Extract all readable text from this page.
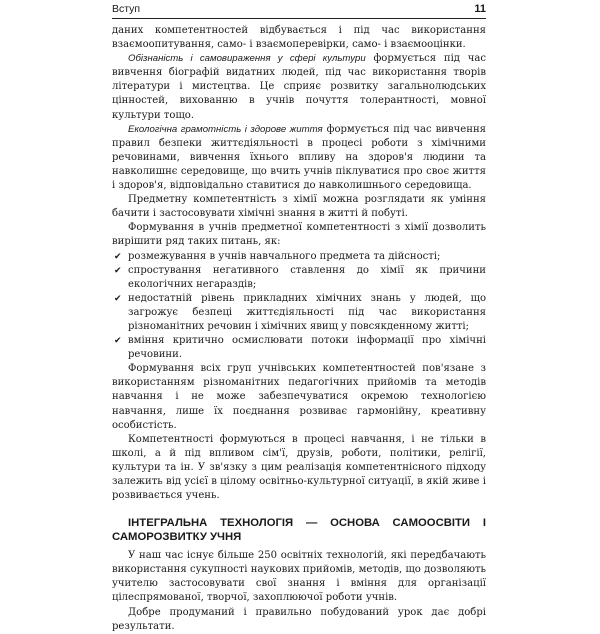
Вступ	11

даних компетентностей відбувається і під час використання взаємоопитування, само- і взаємоперевірки, само- і взаємооцінки.

Обізнаність і самовираження у сфері культури формується під час вивчення біографій видатних людей, під час використання творів літератури і мистецтва. Це сприяє розвитку загальнолюдських цінностей, вихованню в учнів почуття толерантності, мовної культури тощо.

Екологічна грамотність і здорове життя формується під час вивчення правил безпеки життєдіяльності в процесі роботи з хімічними речовинами, вивчення їхнього впливу на здоров'я людини та навколишнє середовище, що вчить учнів піклуватися про своє життя і здоров'я, відповідально ставитися до навколишнього середовища.

Предметну компетентність з хімії можна розглядати як уміння бачити і застосовувати хімічні знання в житті й побуті.

Формування в учнів предметної компетентності з хімії дозволить вирішити ряд таких питань, як:

✔ розмежування в учнів навчального предмета та дійсності;
✔ спростування негативного ставлення до хімії як причини екологічних негараздів;
✔ недостатній рівень прикладних хімічних знань у людей, що загрожує безпеці життєдіяльності під час використання різноманітних речовин і хімічних явищ у повсякденному житті;
✔ вміння критично осмислювати потоки інформації про хімічні речовини.

Формування всіх груп учнівських компетентностей пов'язане з використанням різноманітних педагогічних прийомів та методів навчання і не може забезпечуватися окремою технологією навчання, лише їх поєднання розвиває гармонійну, креативну особистість.

Компетентності формуються в процесі навчання, і не тільки в школі, а й під впливом сім'ї, друзів, роботи, політики, релігії, культури та ін. У зв'язку з цим реалізація компетентнісного підходу залежить від усієї в цілому освітньо-культурної ситуації, в якій живе і розвивається учень.

ІНТЕГРАЛЬНА ТЕХНОЛОГІЯ — ОСНОВА САМООСВІТИ І САМОРОЗВИТКУ УЧНЯ

У наш час існує більше 250 освітніх технологій, які передбачають використання сукупності наукових прийомів, методів, що дозволяють учителю застосовувати свої знання і вміння для організації цілеспрямованої, творчої, захоплюючої роботи учнів.

Добре продуманий і правильно побудований урок дає добрі результати.
